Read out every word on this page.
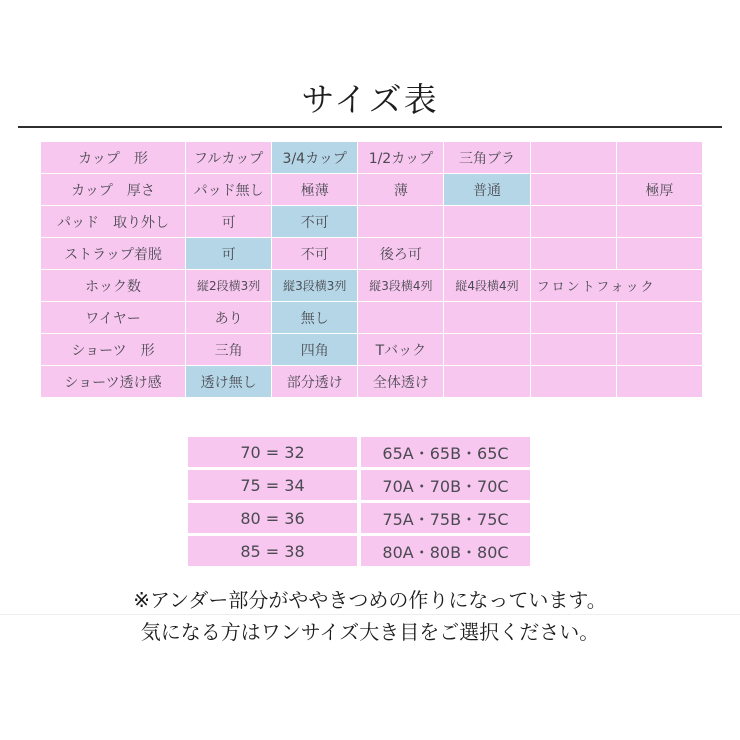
サイズ表
カップ　形	フルカップ	3/4カップ	1/2カップ	三角ブラ		
カップ　厚さ	パッド無し	極薄	薄	普通		極厚
パッド　取り外し	可	不可				
ストラップ着脱	可	不可	後ろ可			
ホック数	縦2段横3列	縦3段横3列	縦3段横4列	縦4段横4列	フロントフォック	
ワイヤー	あり	無し				
ショーツ　形	三角	四角	Tバック			
ショーツ透け感	透け無し	部分透け	全体透け			
70 = 32	65A・65B・65C
75 = 34	70A・70B・70C
80 = 36	75A・75B・75C
85 = 38	80A・80B・80C
※アンダー部分がややきつめの作りになっています。
気になる方はワンサイズ大き目をご選択ください。
